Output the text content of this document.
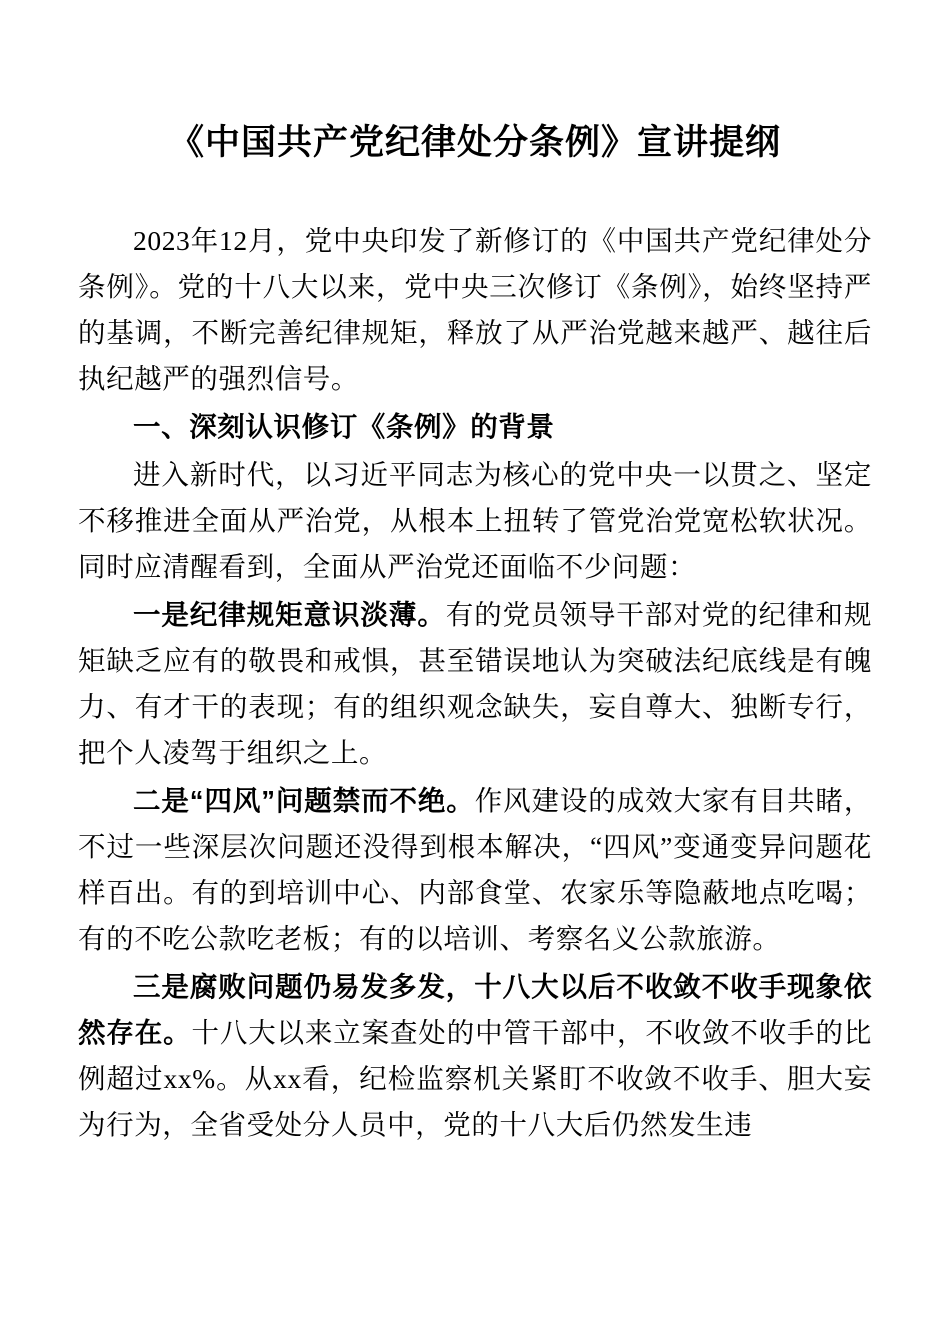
《中国共产党纪律处分条例》宣讲提纲

2023年12月，党中央印发了新修订的《中国共产党纪律处分条例》。党的十八大以来，党中央三次修订《条例》，始终坚持严的基调，不断完善纪律规矩，释放了从严治党越来越严、越往后执纪越严的强烈信号。

一、深刻认识修订《条例》的背景

进入新时代，以习近平同志为核心的党中央一以贯之、坚定不移推进全面从严治党，从根本上扭转了管党治党宽松软状况。同时应清醒看到，全面从严治党还面临不少问题：

一是纪律规矩意识淡薄。有的党员领导干部对党的纪律和规矩缺乏应有的敬畏和戒惧，甚至错误地认为突破法纪底线是有魄力、有才干的表现；有的组织观念缺失，妄自尊大、独断专行，把个人凌驾于组织之上。

二是“四风”问题禁而不绝。作风建设的成效大家有目共睹，不过一些深层次问题还没得到根本解决，“四风”变通变异问题花样百出。有的到培训中心、内部食堂、农家乐等隐蔽地点吃喝；有的不吃公款吃老板；有的以培训、考察名义公款旅游。

三是腐败问题仍易发多发，十八大以后不收敛不收手现象依然存在。十八大以来立案查处的中管干部中，不收敛不收手的比例超过xx%。从xx看，纪检监察机关紧盯不收敛不收手、胆大妄为行为，全省受处分人员中，党的十八大后仍然发生违
